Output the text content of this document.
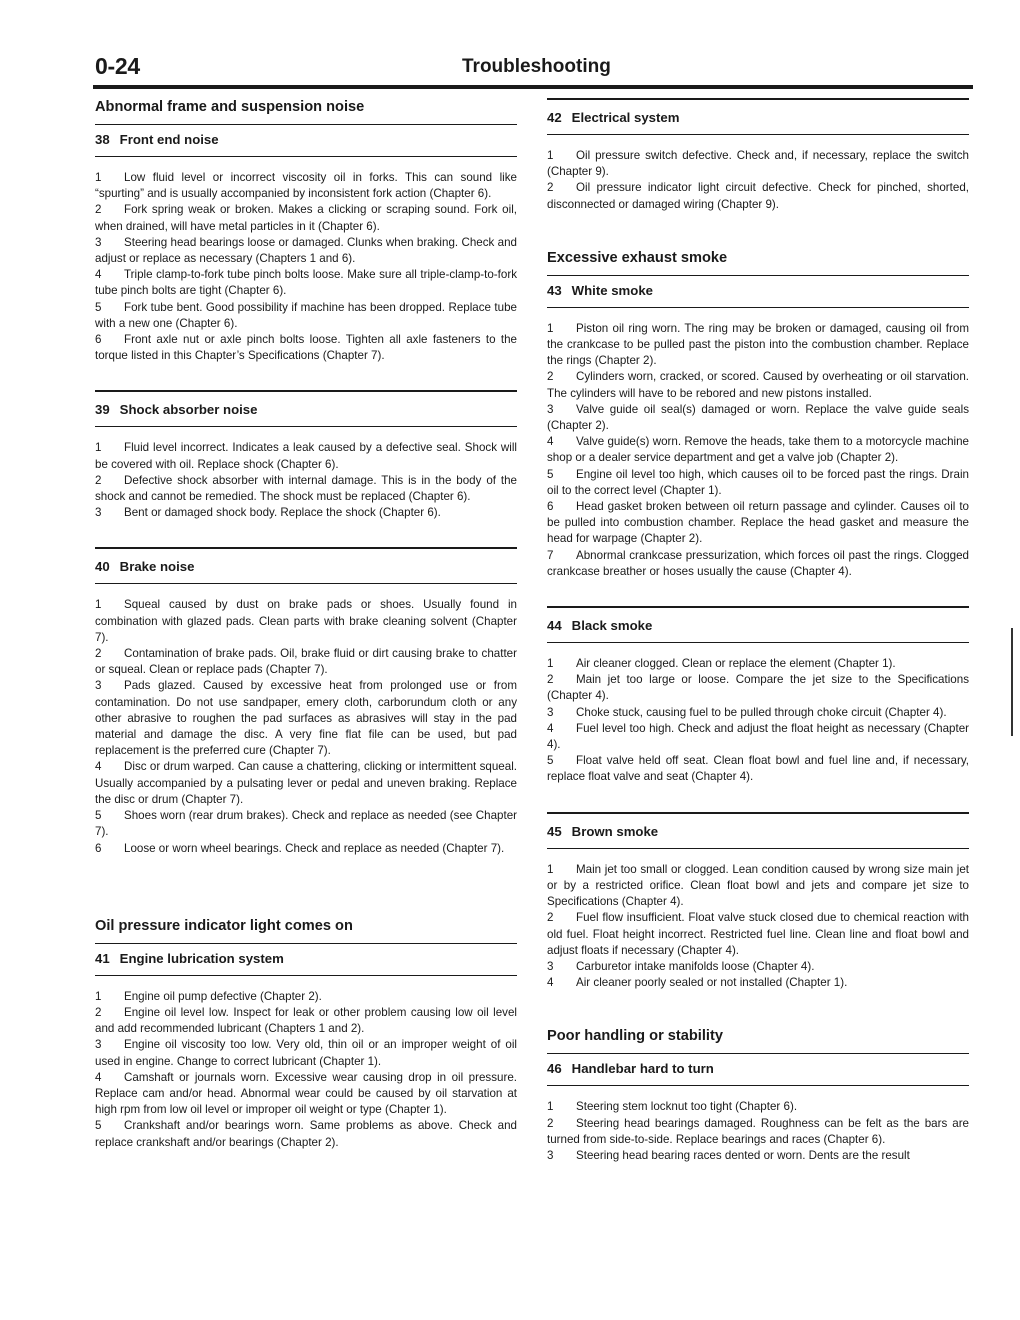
0-24	Troubleshooting
Abnormal frame and suspension noise
38 Front end noise

1 Low fluid level or incorrect viscosity oil in forks. This can sound like “spurting” and is usually accompanied by inconsistent fork action (Chapter 6).

2 Fork spring weak or broken. Makes a clicking or scraping sound. Fork oil, when drained, will have metal particles in it (Chapter 6).

3 Steering head bearings loose or damaged. Clunks when braking. Check and adjust or replace as necessary (Chapters 1 and 6).

4 Triple clamp-to-fork tube pinch bolts loose. Make sure all triple-clamp-to-fork tube pinch bolts are tight (Chapter 6).

5 Fork tube bent. Good possibility if machine has been dropped. Replace tube with a new one (Chapter 6).

6 Front axle nut or axle pinch bolts loose. Tighten all axle fasteners to the torque listed in this Chapter’s Specifications (Chapter 7).

39 Shock absorber noise

1 Fluid level incorrect. Indicates a leak caused by a defective seal. Shock will be covered with oil. Replace shock (Chapter 6).

2 Defective shock absorber with internal damage. This is in the body of the shock and cannot be remedied. The shock must be replaced (Chapter 6).

3 Bent or damaged shock body. Replace the shock (Chapter 6).

40 Brake noise

1 Squeal caused by dust on brake pads or shoes. Usually found in combination with glazed pads. Clean parts with brake cleaning solvent (Chapter 7).

2 Contamination of brake pads. Oil, brake fluid or dirt causing brake to chatter or squeal. Clean or replace pads (Chapter 7).

3 Pads glazed. Caused by excessive heat from prolonged use or from contamination. Do not use sandpaper, emery cloth, carborundum cloth or any other abrasive to roughen the pad surfaces as abrasives will stay in the pad material and damage the disc. A very fine flat file can be used, but pad replacement is the preferred cure (Chapter 7).

4 Disc or drum warped. Can cause a chattering, clicking or intermittent squeal. Usually accompanied by a pulsating lever or pedal and uneven braking. Replace the disc or drum (Chapter 7).

5 Shoes worn (rear drum brakes). Check and replace as needed (see Chapter 7).

6 Loose or worn wheel bearings. Check and replace as needed (Chapter 7).

Oil pressure indicator light comes on
41 Engine lubrication system

1 Engine oil pump defective (Chapter 2).

2 Engine oil level low. Inspect for leak or other problem causing low oil level and add recommended lubricant (Chapters 1 and 2).

3 Engine oil viscosity too low. Very old, thin oil or an improper weight of oil used in engine. Change to correct lubricant (Chapter 1).

4 Camshaft or journals worn. Excessive wear causing drop in oil pressure. Replace cam and/or head. Abnormal wear could be caused by oil starvation at high rpm from low oil level or improper oil weight or type (Chapter 1).

5 Crankshaft and/or bearings worn. Same problems as above. Check and replace crankshaft and/or bearings (Chapter 2).

42 Electrical system

1 Oil pressure switch defective. Check and, if necessary, replace the switch (Chapter 9).

2 Oil pressure indicator light circuit defective. Check for pinched, shorted, disconnected or damaged wiring (Chapter 9).

Excessive exhaust smoke
43 White smoke

1 Piston oil ring worn. The ring may be broken or damaged, causing oil from the crankcase to be pulled past the piston into the combustion chamber. Replace the rings (Chapter 2).

2 Cylinders worn, cracked, or scored. Caused by overheating or oil starvation. The cylinders will have to be rebored and new pistons installed.

3 Valve guide oil seal(s) damaged or worn. Replace the valve guide seals (Chapter 2).

4 Valve guide(s) worn. Remove the heads, take them to a motorcycle machine shop or a dealer service department and get a valve job (Chapter 2).

5 Engine oil level too high, which causes oil to be forced past the rings. Drain oil to the correct level (Chapter 1).

6 Head gasket broken between oil return passage and cylinder. Causes oil to be pulled into combustion chamber. Replace the head gasket and measure the head for warpage (Chapter 2).

7 Abnormal crankcase pressurization, which forces oil past the rings. Clogged crankcase breather or hoses usually the cause (Chapter 4).

44 Black smoke

1 Air cleaner clogged. Clean or replace the element (Chapter 1).

2 Main jet too large or loose. Compare the jet size to the Specifications (Chapter 4).

3 Choke stuck, causing fuel to be pulled through choke circuit (Chapter 4).

4 Fuel level too high. Check and adjust the float height as necessary (Chapter 4).

5 Float valve held off seat. Clean float bowl and fuel line and, if necessary, replace float valve and seat (Chapter 4).

45 Brown smoke

1 Main jet too small or clogged. Lean condition caused by wrong size main jet or by a restricted orifice. Clean float bowl and jets and compare jet size to Specifications (Chapter 4).

2 Fuel flow insufficient. Float valve stuck closed due to chemical reaction with old fuel. Float height incorrect. Restricted fuel line. Clean line and float bowl and adjust floats if necessary (Chapter 4).

3 Carburetor intake manifolds loose (Chapter 4).

4 Air cleaner poorly sealed or not installed (Chapter 1).

Poor handling or stability
46 Handlebar hard to turn

1 Steering stem locknut too tight (Chapter 6).

2 Steering head bearings damaged. Roughness can be felt as the bars are turned from side-to-side. Replace bearings and races (Chapter 6).

3 Steering head bearing races dented or worn. Dents are the result
